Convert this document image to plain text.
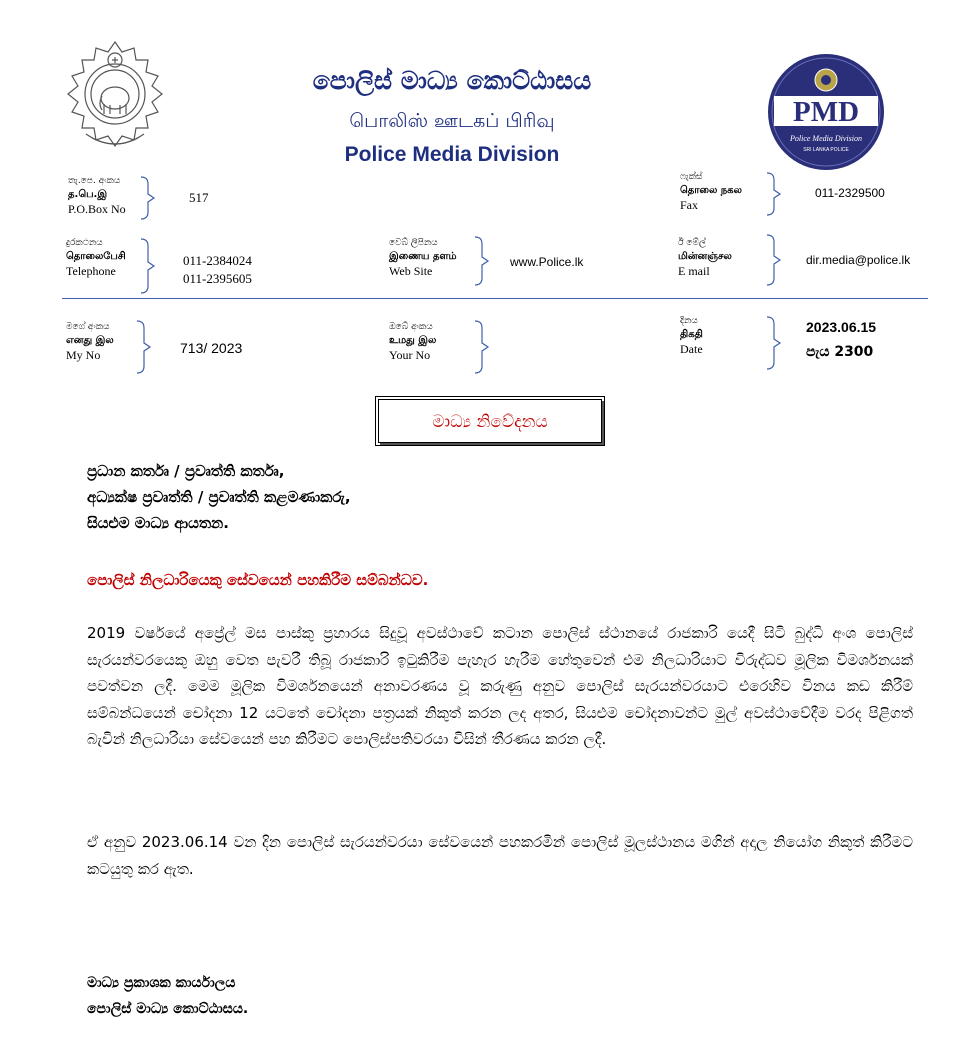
පොලිස් මාධ්‍ය කොට්ඨාසය
பொலிஸ் ஊடகப் பிரிவு
Police Media Division
PMD
Police Media Division
SRI LANKA POLICE
තැ.පෙ. අංකය
த.பெ.இ
P.O.Box No
517
ෆැක්ස්
தொலை நகல
Fax
011-2329500
දුරකථනය
தொலைபேசி
Telephone
011-2384024
011-2395605
වෙබ් ලිපිනය
இணைய தளம்
Web Site
www.Police.lk
ඊ මේල්
மின்னஞ்சல
E mail
dir.media@police.lk
මගේ අංකය
எனது இல
My No	713/ 2023
ඔබේ අංකය
உமது இல
Your No
දිනය
திகதி
Date
2023.06.15
පැය 2300
මාධ්‍ය නිවේදනය
ප්‍රධාන කර්තෘ / ප්‍රවෘත්ති කර්තෘ,
අධ්‍යක්ෂ ප්‍රවෘත්ති / ප්‍රවෘත්ති කළමණාකරු,
සියළුම මාධ්‍ය ආයතන.
පොලිස් නිලධාරියෙකු සේවයෙන් පහකිරීම සම්බන්ධව.
2019 වර්ෂයේ අප්‍රේල් මස පාස්කු ප්‍රහාරය සිදුවූ අවස්ථාවේ කටාන පොලිස් ස්ථානයේ රාජකාරි යෙදී සිටි බුද්ධි අංශ පොලිස් සැරයන්වරයෙකු ඔහු වෙත පැවරී තිබූ රාජකාරි ඉටුකිරීම පැහැර හැරීම හේතුවෙන් එම නිලධාරියාට විරුද්ධව මූලික විමර්ශනයක් පවත්වන ලදී. මෙම මූලික විමර්ශනයෙන් අනාවරණය වූ කරුණු අනුව පොලිස් සැරයන්වරයාට එරෙහිව විනය කඩ කිරීම් සම්බන්ධයෙන් චෝදනා 12 යටතේ චෝදනා පත්‍රයක් නිකුත් කරන ලද අතර, සියළුම චෝදනාවන්ට මුල් අවස්ථාවේදීම වරද පිළිගත් බැවින් නිලධාරියා සේවයෙන් පහ කිරීමට පොලිස්පතිවරයා විසින් තීරණය කරන ලදී.
ඒ අනුව 2023.06.14 වන දින පොලිස් සැරයන්වරයා සේවයෙන් පහකරමින් පොලිස් මූලස්ථානය මගින් අදාල නියෝග නිකුත් කිරීමට කටයුතු කර ඇත.
මාධ්‍ය ප්‍රකාශක කාර්යාලය
පොලිස් මාධ්‍ය කොට්ඨාසය.
